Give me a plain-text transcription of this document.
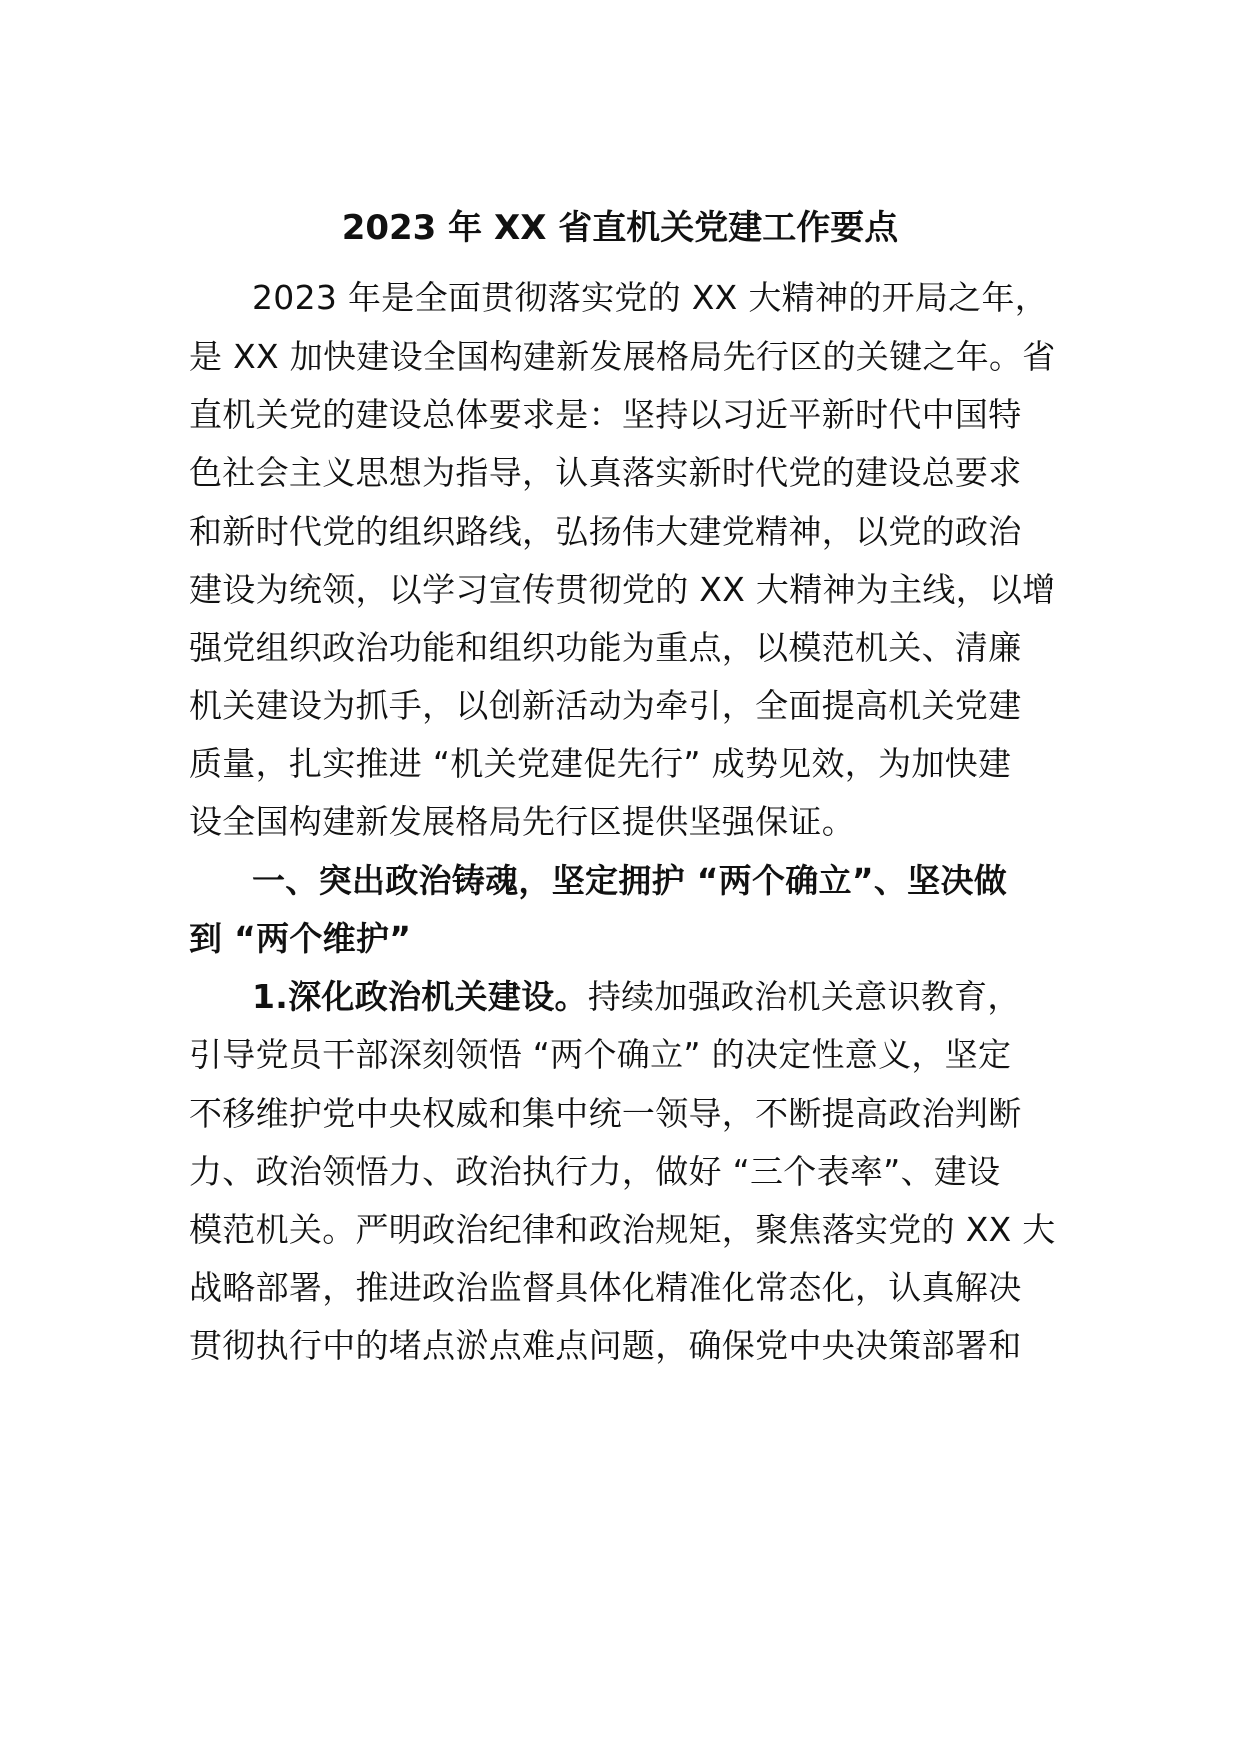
2023 年 XX 省直机关党建工作要点
2023 年是全面贯彻落实党的 XX 大精神的开局之年，
是 XX 加快建设全国构建新发展格局先行区的关键之年。省
直机关党的建设总体要求是：坚持以习近平新时代中国特
色社会主义思想为指导，认真落实新时代党的建设总要求
和新时代党的组织路线，弘扬伟大建党精神，以党的政治
建设为统领，以学习宣传贯彻党的 XX 大精神为主线，以增
强党组织政治功能和组织功能为重点，以模范机关、清廉
机关建设为抓手，以创新活动为牵引，全面提高机关党建
质量，扎实推进 “机关党建促先行” 成势见效，为加快建
设全国构建新发展格局先行区提供坚强保证。
一、突出政治铸魂，坚定拥护 “两个确立”、坚决做
到 “两个维护”
1.深化政治机关建设。持续加强政治机关意识教育，
引导党员干部深刻领悟 “两个确立” 的决定性意义，坚定
不移维护党中央权威和集中统一领导，不断提高政治判断
力、政治领悟力、政治执行力，做好 “三个表率”、建设
模范机关。严明政治纪律和政治规矩，聚焦落实党的 XX 大
战略部署，推进政治监督具体化精准化常态化，认真解决
贯彻执行中的堵点淤点难点问题，确保党中央决策部署和
